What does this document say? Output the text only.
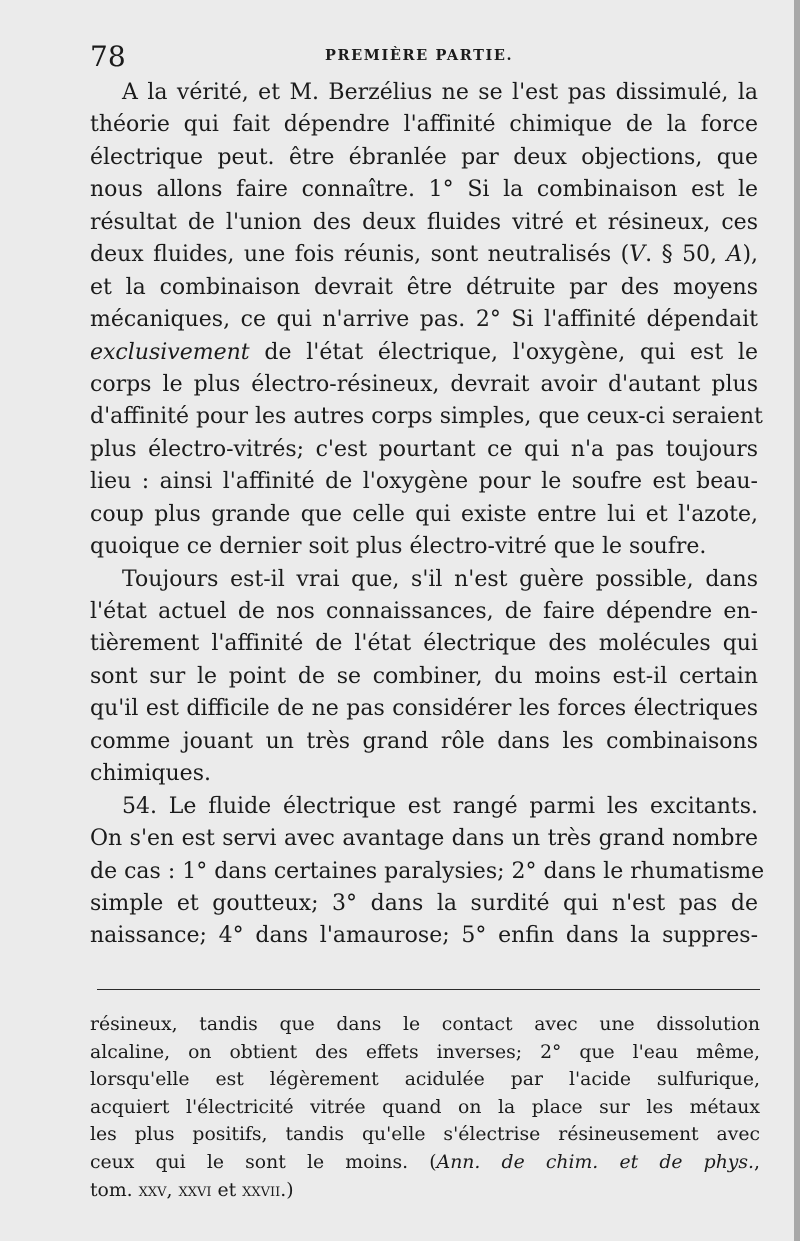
78	PREMIÈRE PARTIE.
A la vérité, et M. Berzélius ne se l'est pas dissimulé, la
théorie qui fait dépendre l'affinité chimique de la force
électrique peut. être ébranlée par deux objections, que
nous allons faire connaître. 1° Si la combinaison est le
résultat de l'union des deux fluides vitré et résineux, ces
deux fluides, une fois réunis, sont neutralisés (V. § 50, A),
et la combinaison devrait être détruite par des moyens
mécaniques, ce qui n'arrive pas. 2° Si l'affinité dépendait
exclusivement de l'état électrique, l'oxygène, qui est le
corps le plus électro-résineux, devrait avoir d'autant plus
d'affinité pour les autres corps simples, que ceux-ci seraient
plus électro-vitrés; c'est pourtant ce qui n'a pas toujours
lieu : ainsi l'affinité de l'oxygène pour le soufre est beau-
coup plus grande que celle qui existe entre lui et l'azote,
quoique ce dernier soit plus électro-vitré que le soufre.
Toujours est-il vrai que, s'il n'est guère possible, dans
l'état actuel de nos connaissances, de faire dépendre en-
tièrement l'affinité de l'état électrique des molécules qui
sont sur le point de se combiner, du moins est-il certain
qu'il est difficile de ne pas considérer les forces électriques
comme jouant un très grand rôle dans les combinaisons
chimiques.
54. Le fluide électrique est rangé parmi les excitants.
On s'en est servi avec avantage dans un très grand nombre
de cas : 1° dans certaines paralysies; 2° dans le rhumatisme
simple et goutteux; 3° dans la surdité qui n'est pas de
naissance; 4° dans l'amaurose; 5° enfin dans la suppres-
résineux, tandis que dans le contact avec une dissolution
alcaline, on obtient des effets inverses; 2° que l'eau même,
lorsqu'elle est légèrement acidulée par l'acide sulfurique,
acquiert l'électricité vitrée quand on la place sur les métaux
les plus positifs, tandis qu'elle s'électrise résineusement avec
ceux qui le sont le moins. (Ann. de chim. et de phys.,
tom. xxv, xxvi et xxvii.)
